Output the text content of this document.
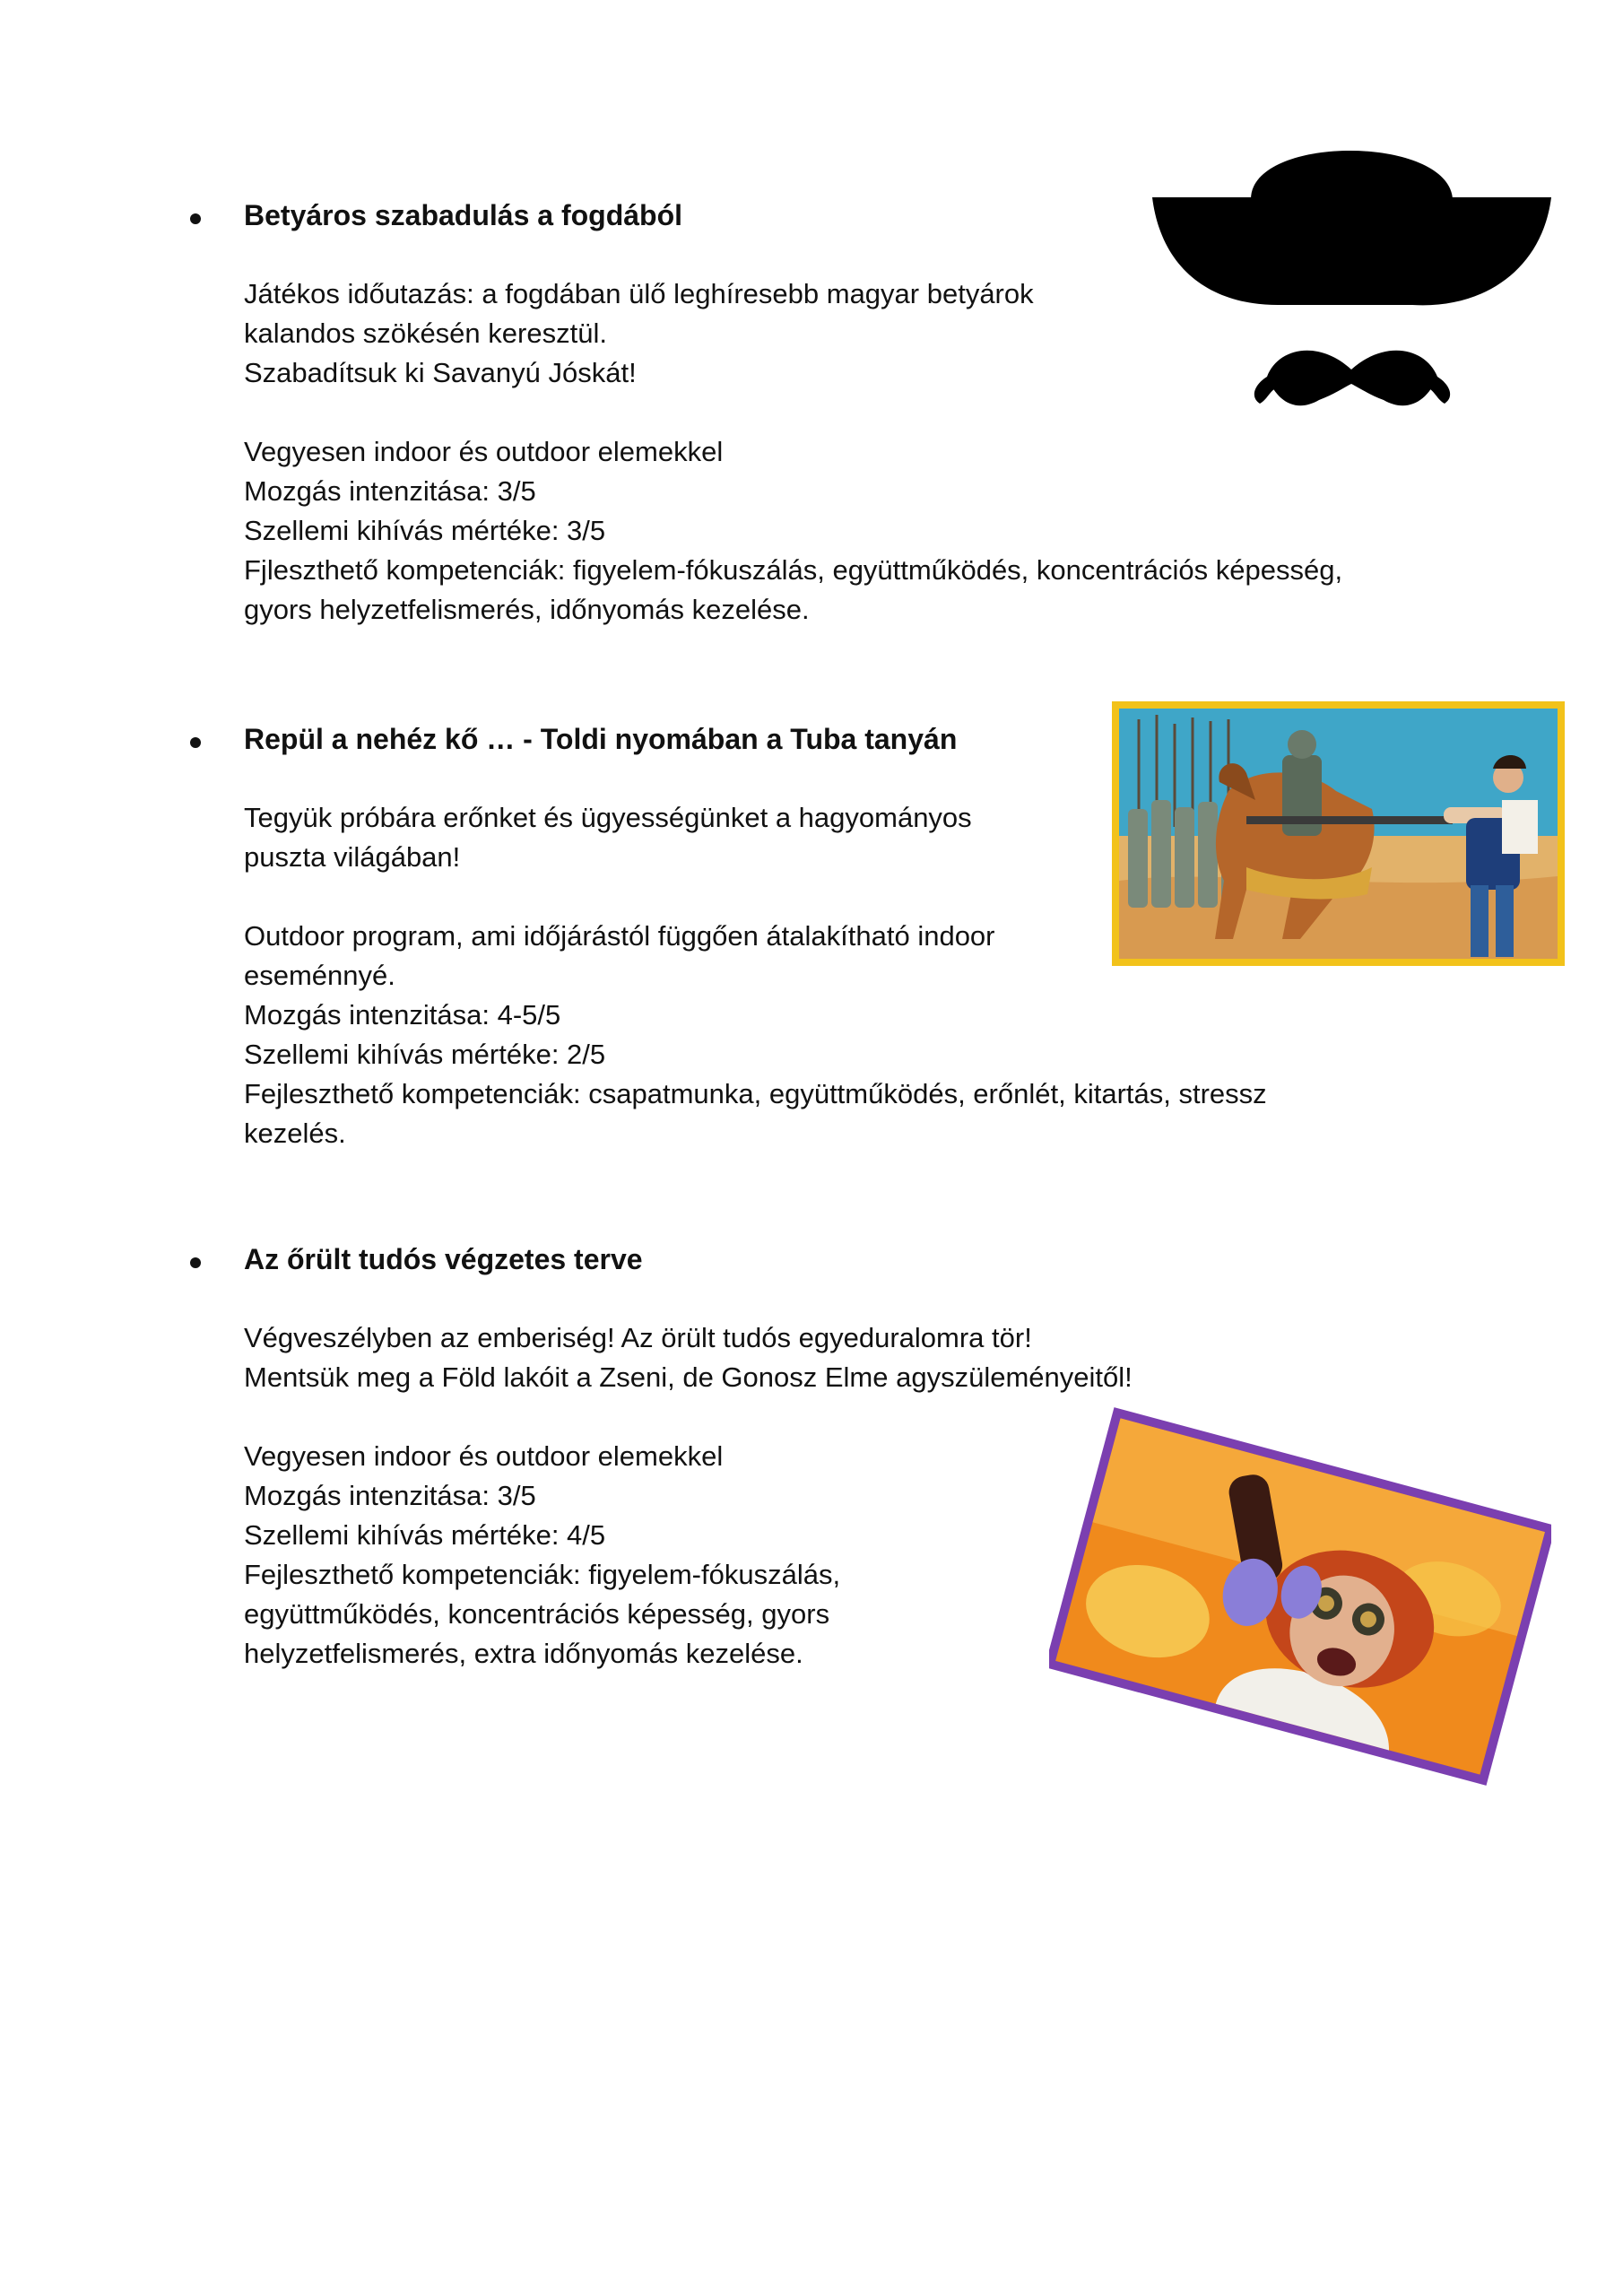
Betyáros szabadulás a fogdából

Játékos időutazás: a fogdában ülő leghíresebb magyar betyárok

kalandos szökésén keresztül.

Szabadítsuk ki Savanyú Jóskát!

Vegyesen indoor és outdoor elemekkel

Mozgás intenzitása: 3/5

Szellemi kihívás mértéke: 3/5

Fjleszthető kompetenciák: figyelem-fókuszálás, együttműködés, koncentrációs képesség,

gyors helyzetfelismerés, időnyomás kezelése.

Repül a nehéz kő … - Toldi nyomában a Tuba tanyán

Tegyük próbára erőnket és ügyességünket a hagyományos

puszta világában!

Outdoor program, ami időjárástól függően átalakítható indoor

eseménnyé.

Mozgás intenzitása: 4-5/5

Szellemi kihívás mértéke: 2/5

Fejleszthető kompetenciák: csapatmunka, együttműködés, erőnlét, kitartás, stressz

kezelés.

Az őrült tudós végzetes terve

Végveszélyben az emberiség! Az örült tudós egyeduralomra tör!

Mentsük meg a Föld lakóit a Zseni, de Gonosz Elme agyszüleményeitől!

Vegyesen indoor és outdoor elemekkel

Mozgás intenzitása: 3/5

Szellemi kihívás mértéke: 4/5

Fejleszthető kompetenciák: figyelem-fókuszálás,

együttműködés, koncentrációs képesség, gyors

helyzetfelismerés, extra időnyomás kezelése.
